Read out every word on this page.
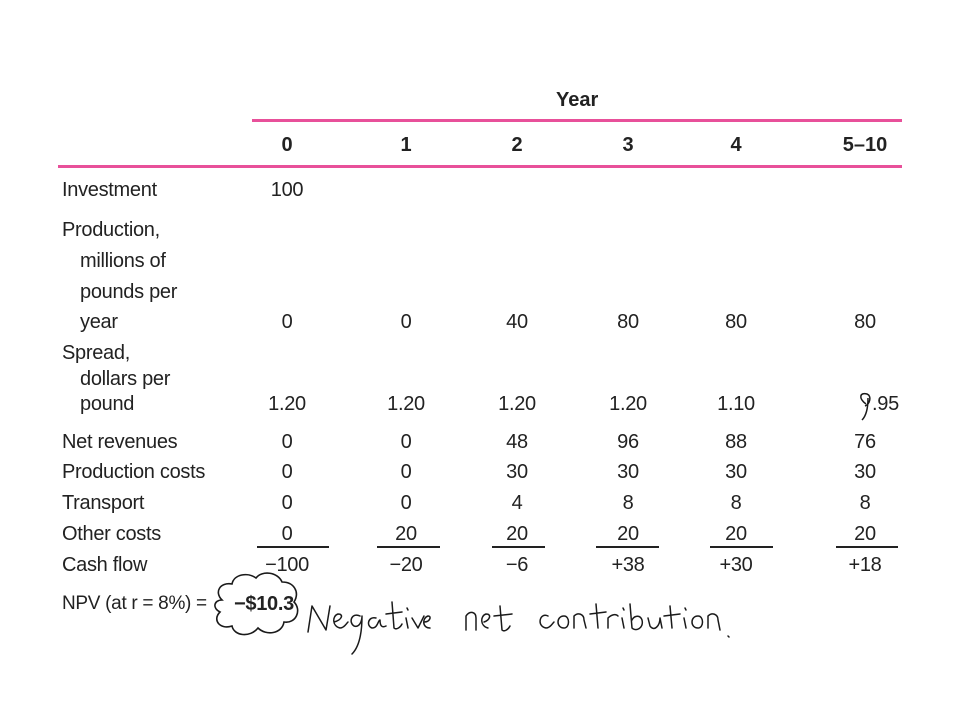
Year
0	1	2	3	4	5–10
Investment	100
Production,
millions of
pounds per
year	0	0	40	80	80	80
Spread,
dollars per
pound	1.20	1.20	1.20	1.20	1.10	.95
Net revenues	0	0	48	96	88	76
Production costs	0	0	30	30	30	30
Transport	0	0	4	8	8	8
Other costs	0	20	20	20	20	20
Cash flow	−100	−20	−6	+38	+30	+18
NPV (at r = 8%) = −$10.3
